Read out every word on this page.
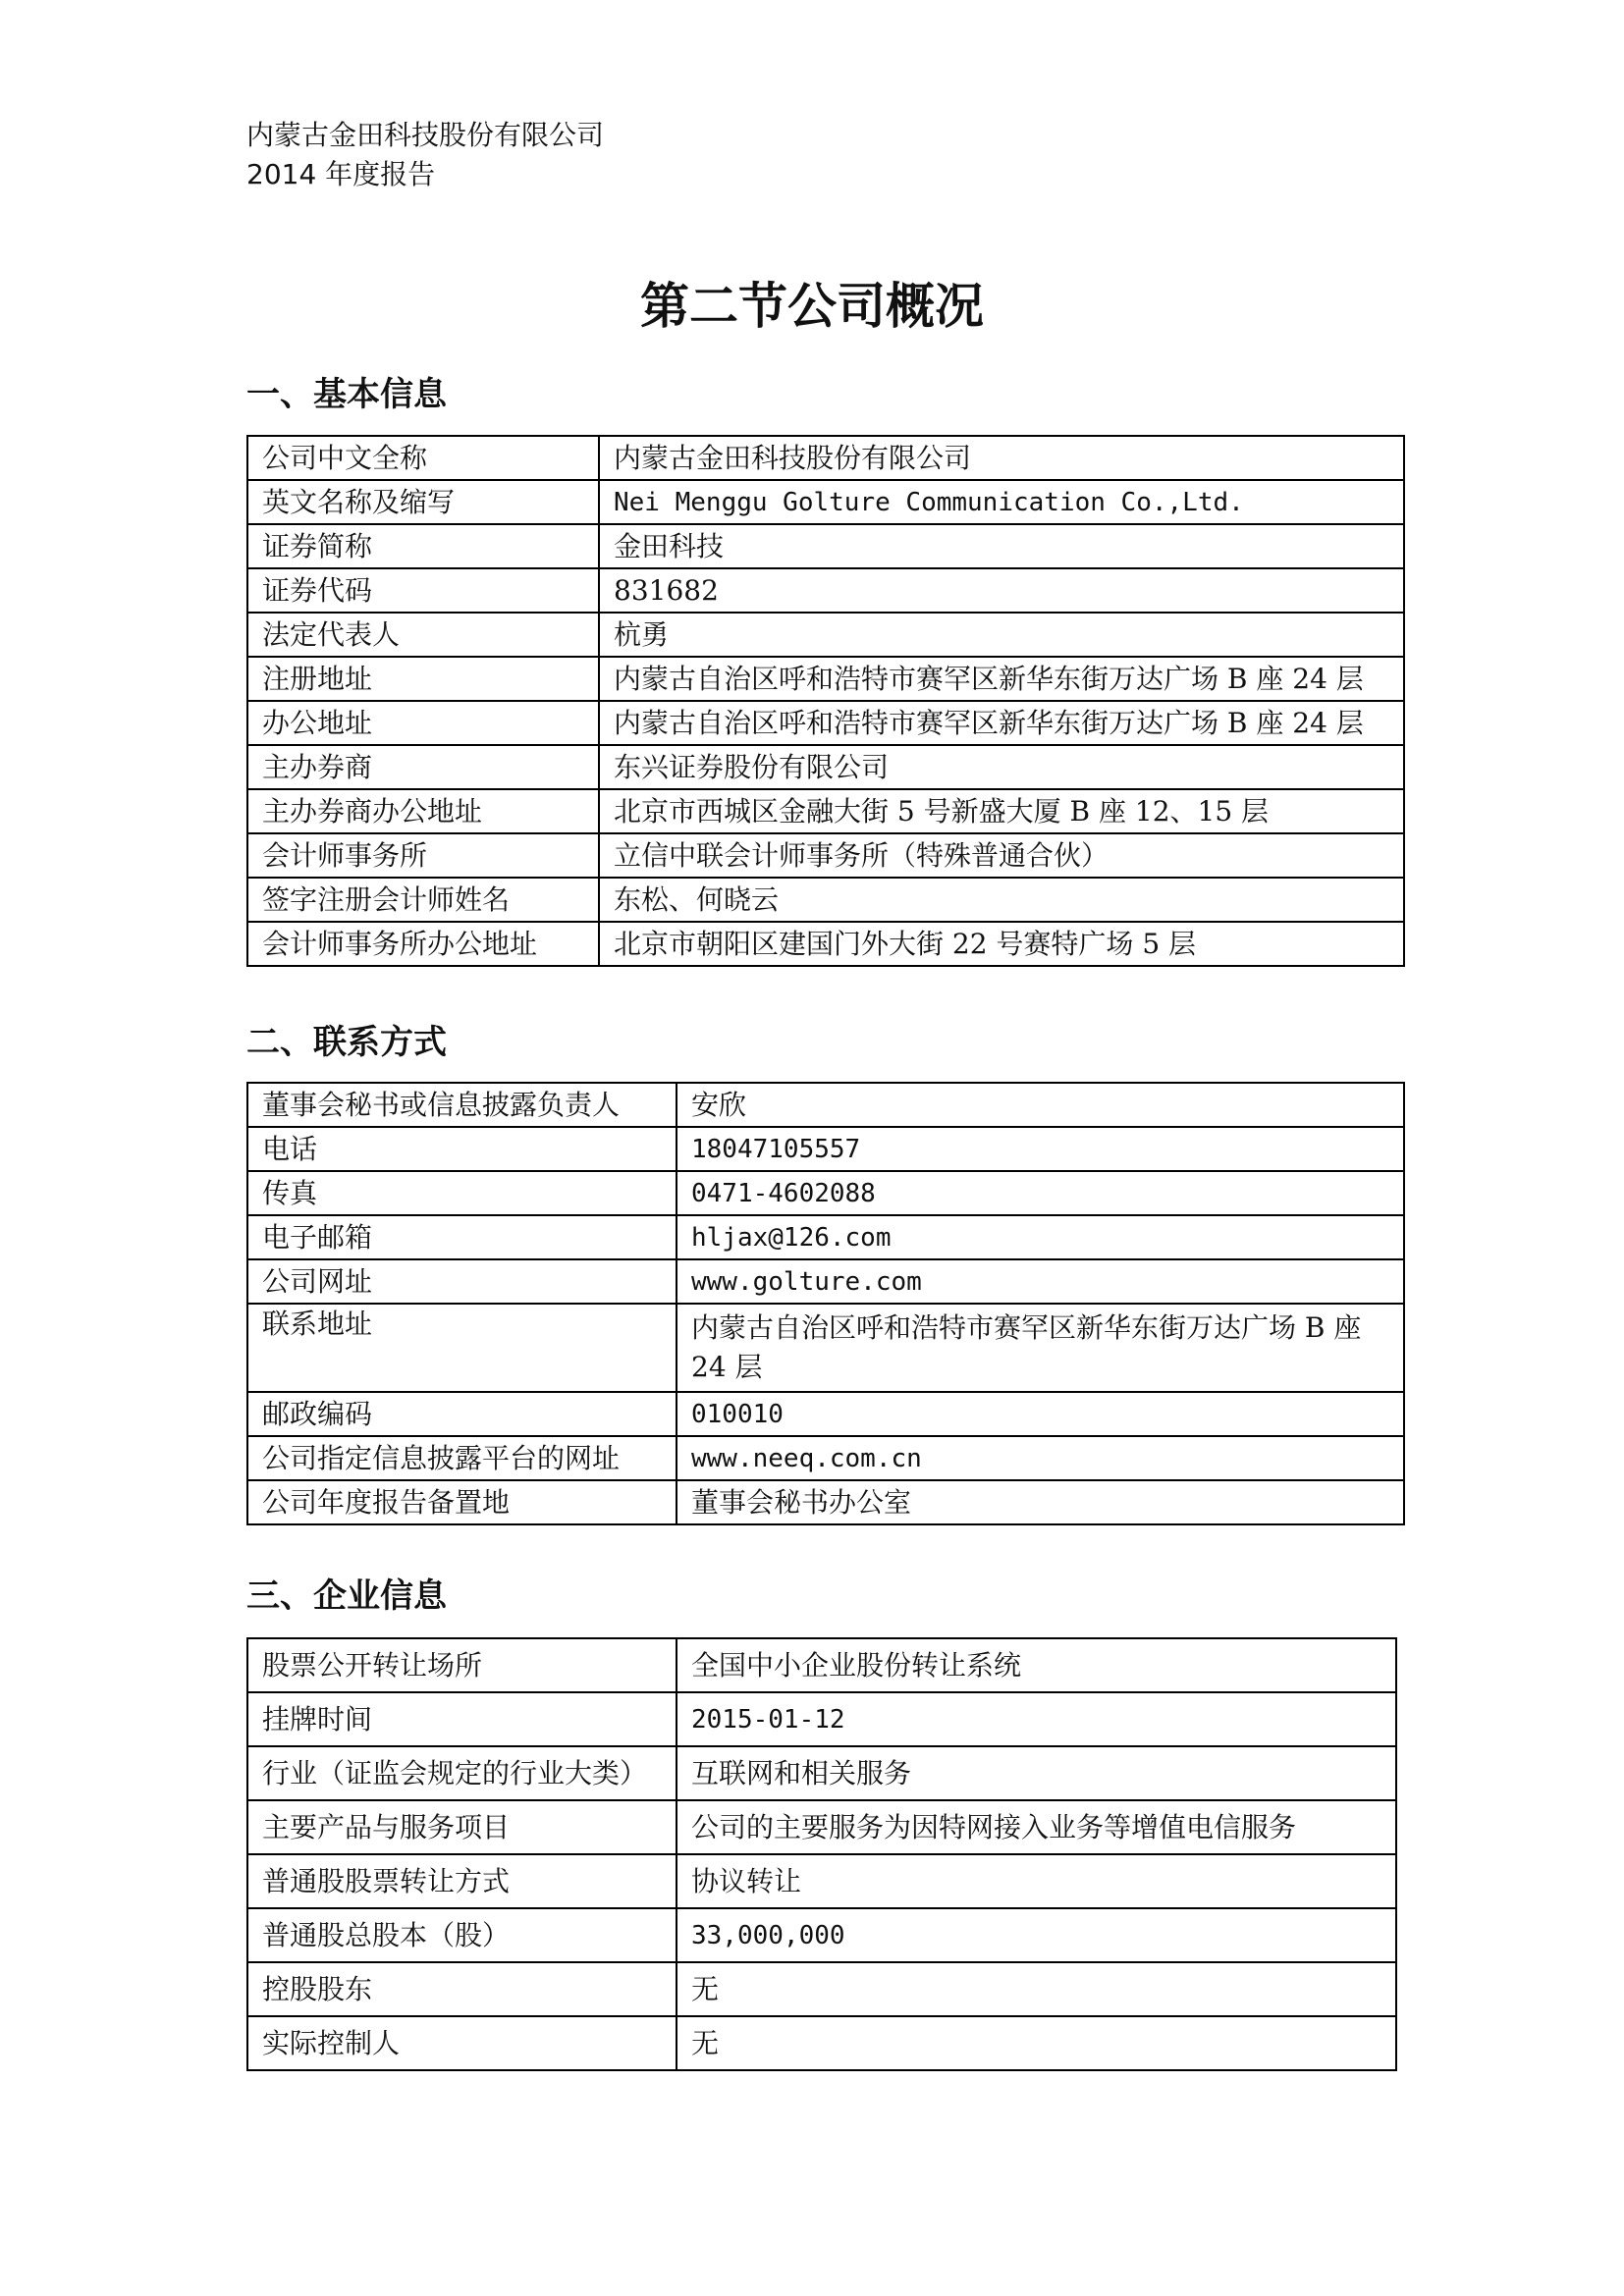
内蒙古金田科技股份有限公司
2014 年度报告
第二节公司概况
一、基本信息
公司中文全称	内蒙古金田科技股份有限公司
英文名称及缩写	Nei Menggu Golture Communication Co.,Ltd.
证券简称	金田科技
证券代码	831682
法定代表人	杭勇
注册地址	内蒙古自治区呼和浩特市赛罕区新华东街万达广场 B 座 24 层
办公地址	内蒙古自治区呼和浩特市赛罕区新华东街万达广场 B 座 24 层
主办券商	东兴证券股份有限公司
主办券商办公地址	北京市西城区金融大街 5 号新盛大厦 B 座 12、15 层
会计师事务所	立信中联会计师事务所（特殊普通合伙）
签字注册会计师姓名	东松、何晓云
会计师事务所办公地址	北京市朝阳区建国门外大街 22 号赛特广场 5 层
二、联系方式
董事会秘书或信息披露负责人	安欣
电话	18047105557
传真	0471-4602088
电子邮箱	hljax@126.com
公司网址	www.golture.com
联系地址	内蒙古自治区呼和浩特市赛罕区新华东街万达广场 B 座 24 层
邮政编码	010010
公司指定信息披露平台的网址	www.neeq.com.cn
公司年度报告备置地	董事会秘书办公室
三、企业信息
股票公开转让场所	全国中小企业股份转让系统
挂牌时间	2015-01-12
行业（证监会规定的行业大类）	互联网和相关服务
主要产品与服务项目	公司的主要服务为因特网接入业务等增值电信服务
普通股股票转让方式	协议转让
普通股总股本（股）	33,000,000
控股股东	无
实际控制人	无
